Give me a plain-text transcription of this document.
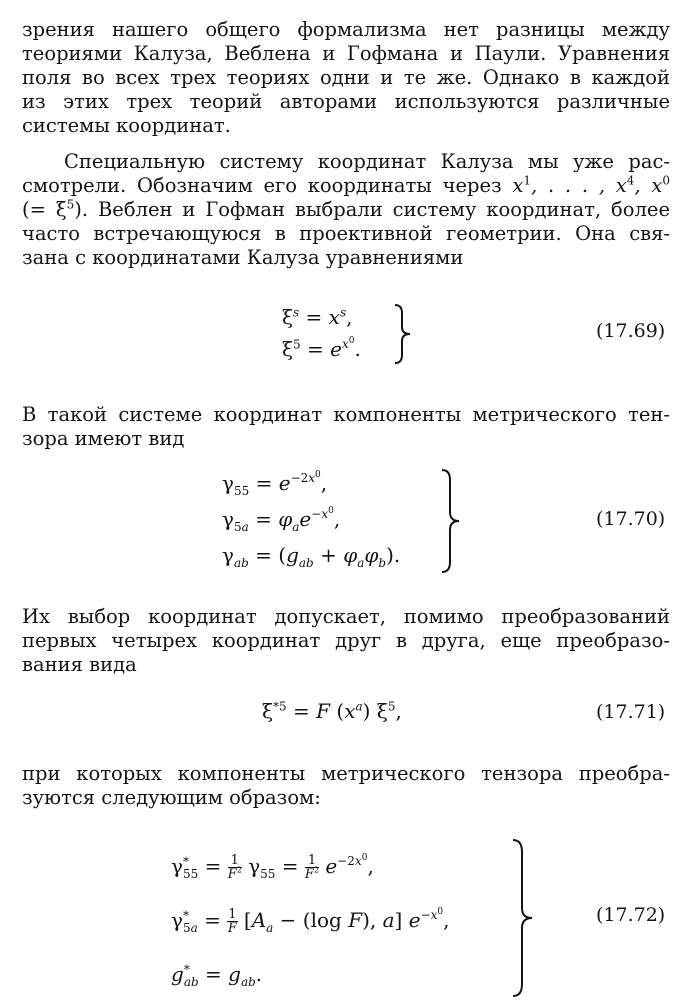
зрения нашего общего формализма нет разницы между
теориями Калуза, Веблена и Гофмана и Паули. Уравнения
поля во всех трех теориях одни и те же. Однако в каждой
из этих трех теорий авторами используются различные
системы координат.
Специальную систему координат Калуза мы уже рас-
смотрели. Обозначим его координаты через $x^1$, . . . , $x^4$, $x^0$
(= $\xi^5$). Веблен и Гофман выбрали систему координат, более
часто встречающуюся в проективной геометрии. Она свя-
зана с координатами Калуза уравнениями
$\xi^s = x^s$,
$\xi^5 = e^{x^0}$.
(17.69)
В такой системе координат компоненты метрического тен-
зора имеют вид
$\gamma_{55} = e^{-2x^0}$,
$\gamma_{5a} = \varphi_ae^{-x^0}$,
$\gamma_{ab} = (g_{ab} + \varphi_a\varphi_b)$.
(17.70)
Их выбор координат допускает, помимо преобразований
первых четырех координат друг в друга, еще преобразо-
вания вида
$\xi^{*5} = F$ $(x^a)$ $\xi^5$,	(17.71)
при которых компоненты метрического тензора преобра-
зуются следующим образом:
$\gamma^*_{55} = \frac{1}{F^2} \gamma_{55} = \frac{1}{F^2} e^{-2x^0}$,
$\gamma^*_{5a} = \frac{1}{F} [A_a - (\log$ F), a] $e^{-x^0}$,
$g^*_{ab} = g_{ab}$.
(17.72)
